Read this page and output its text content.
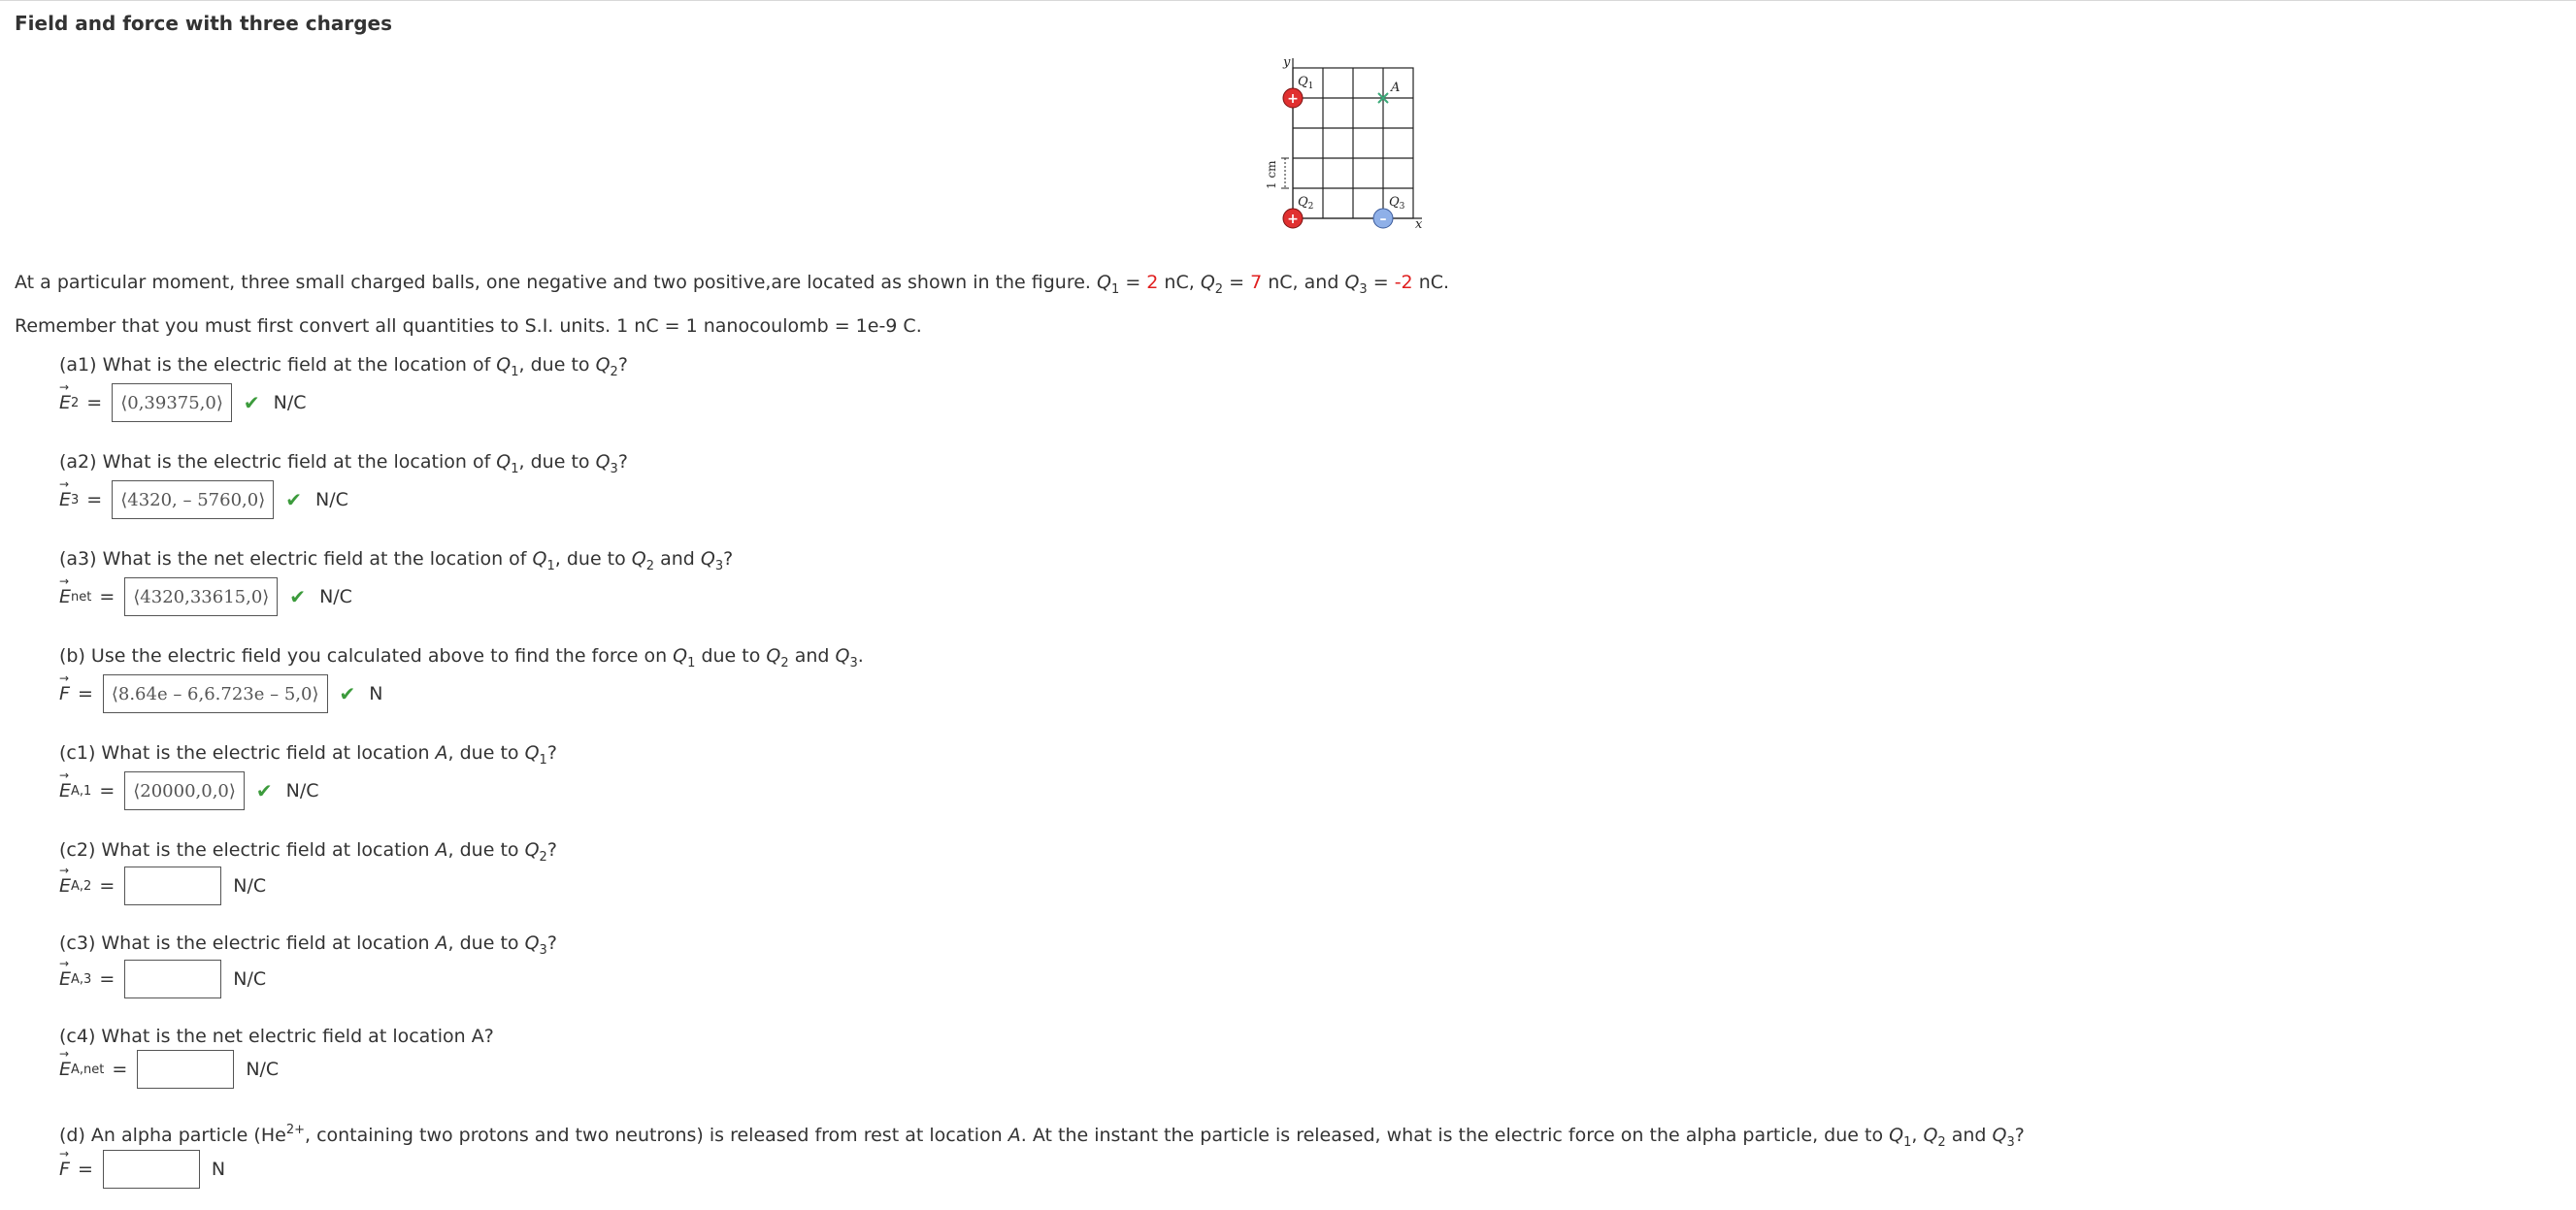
Field and force with three charges
y
x
1 cm
$Q_1$
$Q_2$	$Q_3$
A
+
+	–
At a particular moment, three small charged balls, one negative and two positive,are located as shown in the figure. $Q_1 = 2$ nC, $Q_2 = 7$ nC, and $Q_3 = -2$ nC.
Remember that you must first convert all quantities to S.I. units. 1 nC = 1 nanocoulomb = 1e-9 C.
(a1) What is the electric field at the location of $Q_1$, due to $Q_2$?
→ E 2 =	⟨0,39375,0⟩	✔ N/C
(a2) What is the electric field at the location of $Q_1$, due to $Q_3$?
→ E 3 =	⟨4320, – 5760,0⟩	✔ N/C
(a3) What is the net electric field at the location of $Q_1$, due to $Q_2$ and $Q_3$?
→ E net =	⟨4320,33615,0⟩	✔ N/C
(b) Use the electric field you calculated above to find the force on $Q_1$ due to $Q_2$ and $Q_3$.
→ F =	⟨8.64e – 6,6.723e – 5,0⟩	✔ N
(c1) What is the electric field at location A, due to $Q_1$?
→ E A,1 =	⟨20000,0,0⟩	✔ N/C
(c2) What is the electric field at location A, due to $Q_2$?
→ E A,2 =	N/C
(c3) What is the electric field at location A, due to $Q_3$?
→ E A,3 =	N/C
(c4) What is the net electric field at location A?
→ E A,net =	N/C
(d) An alpha particle ($He^{2+}$, containing two protons and two neutrons) is released from rest at location A. At the instant the particle is released, what is the electric force on the alpha particle, due to $Q_1$, $Q_2$ and $Q_3$?
→ F =	N
